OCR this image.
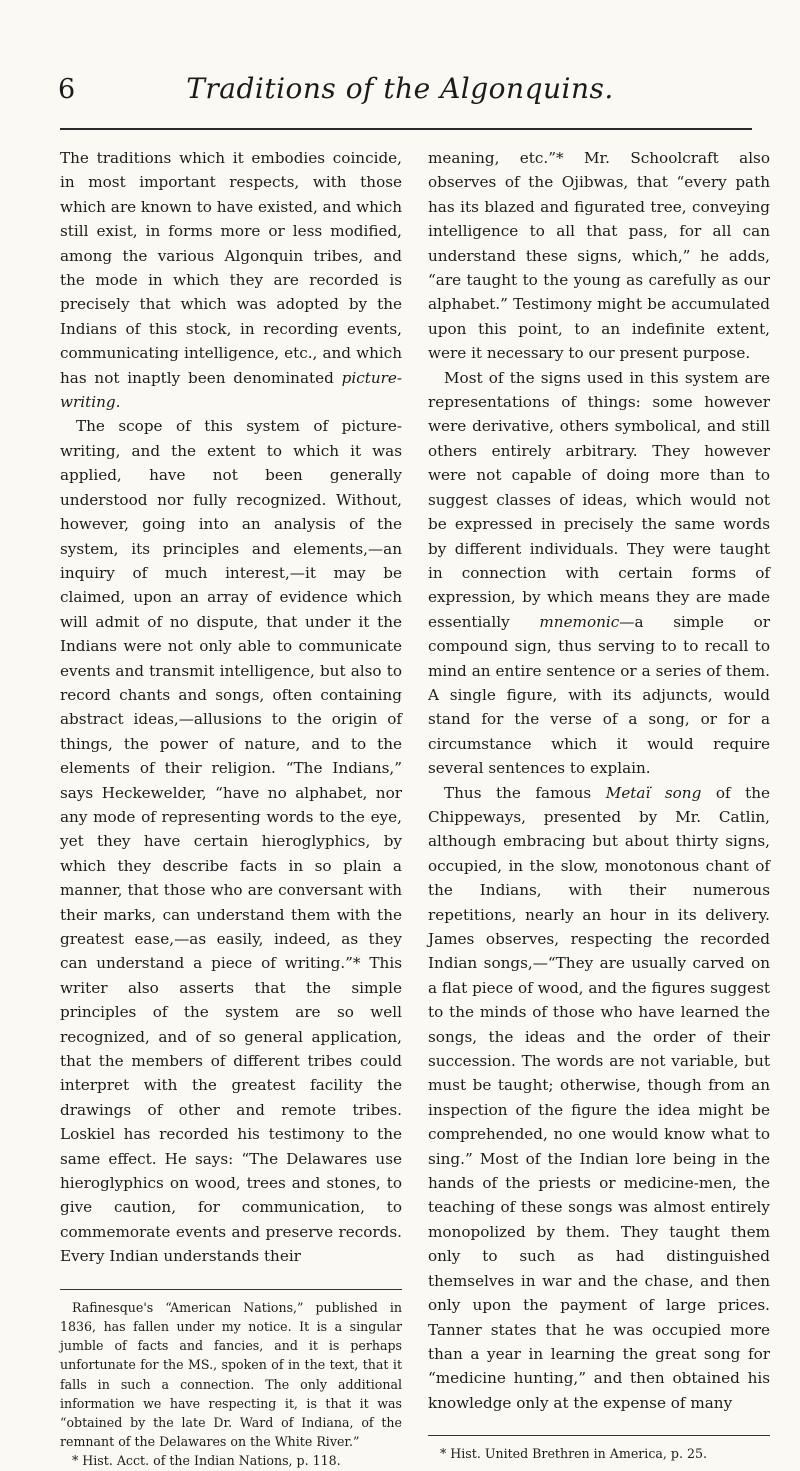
6	Traditions of the Algonquins.

The traditions which it embodies coincide, in most important respects, with those which are known to have existed, and which still exist, in forms more or less modified, among the various Algonquin tribes, and the mode in which they are recorded is precisely that which was adopted by the Indians of this stock, in recording events, communicating intelligence, etc., and which has not inaptly been denominated picture-writing.

The scope of this system of picture-writing, and the extent to which it was applied, have not been generally understood nor fully recognized. Without, however, going into an analysis of the system, its principles and elements,—an inquiry of much interest,—it may be claimed, upon an array of evidence which will admit of no dispute, that under it the Indians were not only able to communicate events and transmit intelligence, but also to record chants and songs, often containing abstract ideas,—allusions to the origin of things, the power of nature, and to the elements of their religion. “The Indians,” says Heckewelder, “have no alphabet, nor any mode of representing words to the eye, yet they have certain hieroglyphics, by which they describe facts in so plain a manner, that those who are conversant with their marks, can understand them with the greatest ease,—as easily, indeed, as they can understand a piece of writing.”* This writer also asserts that the simple principles of the system are so well recognized, and of so general application, that the members of different tribes could interpret with the greatest facility the drawings of other and remote tribes. Loskiel has recorded his testimony to the same effect. He says: “The Delawares use hieroglyphics on wood, trees and stones, to give caution, for communication, to commemorate events and preserve records. Every Indian understands their

Rafinesque's “American Nations,” published in 1836, has fallen under my notice. It is a singular jumble of facts and fancies, and it is perhaps unfortunate for the MS., spoken of in the text, that it falls in such a connection. The only additional information we have respecting it, is that it was “obtained by the late Dr. Ward of Indiana, of the remnant of the Delawares on the White River.”

* Hist. Acct. of the Indian Nations, p. 118.

meaning, etc.”* Mr. Schoolcraft also observes of the Ojibwas, that “every path has its blazed and figurated tree, conveying intelligence to all that pass, for all can understand these signs, which,” he adds, “are taught to the young as carefully as our alphabet.” Testimony might be accumulated upon this point, to an indefinite extent, were it necessary to our present purpose.

Most of the signs used in this system are representations of things: some however were derivative, others symbolical, and still others entirely arbitrary. They however were not capable of doing more than to suggest classes of ideas, which would not be expressed in precisely the same words by different individuals. They were taught in connection with certain forms of expression, by which means they are made essentially mnemonic—a simple or compound sign, thus serving to to recall to mind an entire sentence or a series of them. A single figure, with its adjuncts, would stand for the verse of a song, or for a circumstance which it would require several sentences to explain.

Thus the famous Metaï song of the Chippeways, presented by Mr. Catlin, although embracing but about thirty signs, occupied, in the slow, monotonous chant of the Indians, with their numerous repetitions, nearly an hour in its delivery. James observes, respecting the recorded Indian songs,—“They are usually carved on a flat piece of wood, and the figures suggest to the minds of those who have learned the songs, the ideas and the order of their succession. The words are not variable, but must be taught; otherwise, though from an inspection of the figure the idea might be comprehended, no one would know what to sing.” Most of the Indian lore being in the hands of the priests or medicine-men, the teaching of these songs was almost entirely monopolized by them. They taught them only to such as had distinguished themselves in war and the chase, and then only upon the payment of large prices. Tanner states that he was occupied more than a year in learning the great song for “medicine hunting,” and then obtained his knowledge only at the expense of many

* Hist. United Brethren in America, p. 25.
